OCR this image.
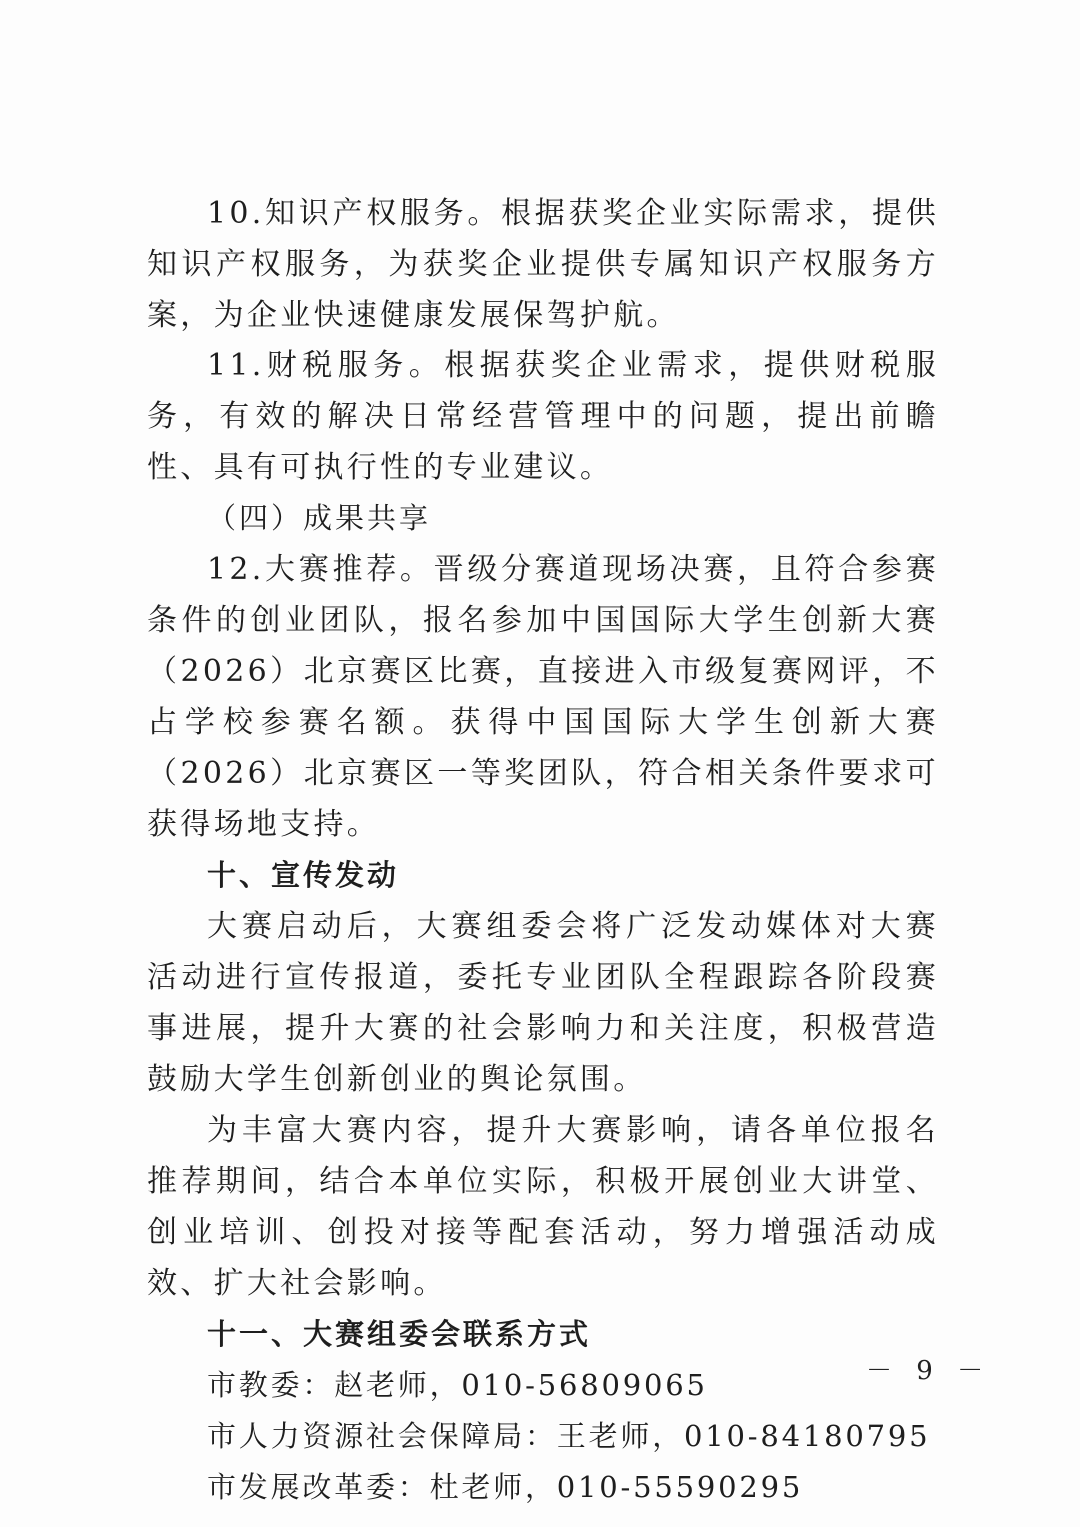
10.知识产权服务。根据获奖企业实际需求，提供知识产权服务，为获奖企业提供专属知识产权服务方案，为企业快速健康发展保驾护航。

11.财税服务。根据获奖企业需求，提供财税服务，有效的解决日常经营管理中的问题，提出前瞻性、具有可执行性的专业建议。

（四）成果共享

12.大赛推荐。晋级分赛道现场决赛，且符合参赛条件的创业团队，报名参加中国国际大学生创新大赛（2026）北京赛区比赛，直接进入市级复赛网评，不占学校参赛名额。获得中国国际大学生创新大赛（2026）北京赛区一等奖团队，符合相关条件要求可获得场地支持。

十、宣传发动

大赛启动后，大赛组委会将广泛发动媒体对大赛活动进行宣传报道，委托专业团队全程跟踪各阶段赛事进展，提升大赛的社会影响力和关注度，积极营造鼓励大学生创新创业的舆论氛围。

为丰富大赛内容，提升大赛影响，请各单位报名推荐期间，结合本单位实际，积极开展创业大讲堂、创业培训、创投对接等配套活动，努力增强活动成效、扩大社会影响。

十一、大赛组委会联系方式

市教委：赵老师，010-56809065

市人力资源社会保障局：王老师，010-84180795

市发展改革委：杜老师，010-55590295

－ 9 －
